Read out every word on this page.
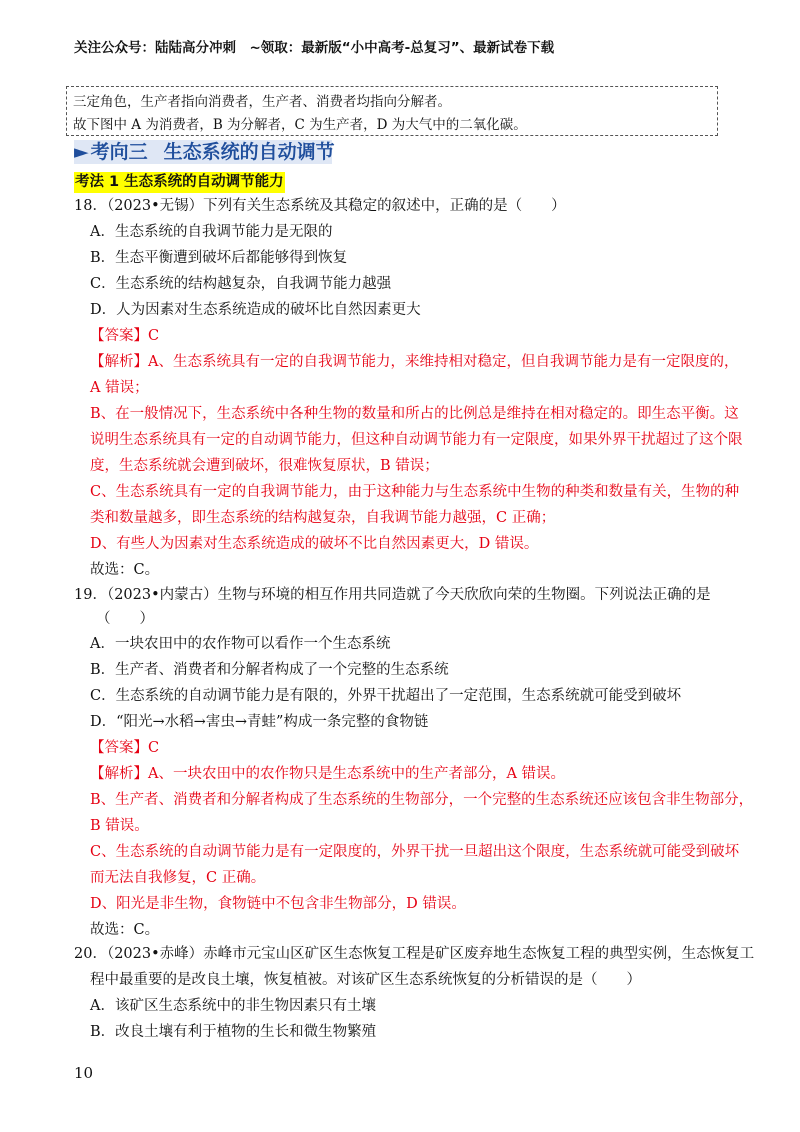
关注公众号：陆陆高分冲刺　~领取：最新版“小中高考-总复习”、最新试卷下载
三定角色，生产者指向消费者，生产者、消费者均指向分解者。
故下图中 A 为消费者，B 为分解者，C 为生产者，D 为大气中的二氧化碳。
► 考向三 生态系统的自动调节
考法 1 生态系统的自动调节能力
18．（2023•无锡）下列有关生态系统及其稳定的叙述中，正确的是（　　）
A．生态系统的自我调节能力是无限的
B．生态平衡遭到破坏后都能够得到恢复
C．生态系统的结构越复杂，自我调节能力越强
D．人为因素对生态系统造成的破坏比自然因素更大
【答案】C
【解析】A、生态系统具有一定的自我调节能力，来维持相对稳定，但自我调节能力是有一定限度的，
A 错误；
B、在一般情况下，生态系统中各种生物的数量和所占的比例总是维持在相对稳定的。即生态平衡。这
说明生态系统具有一定的自动调节能力，但这种自动调节能力有一定限度，如果外界干扰超过了这个限
度，生态系统就会遭到破坏，很难恢复原状，B 错误；
C、生态系统具有一定的自我调节能力，由于这种能力与生态系统中生物的种类和数量有关，生物的种
类和数量越多，即生态系统的结构越复杂，自我调节能力越强，C 正确；
D、有些人为因素对生态系统造成的破坏不比自然因素更大，D 错误。
故选：C。
19．（2023•内蒙古）生物与环境的相互作用共同造就了今天欣欣向荣的生物圈。下列说法正确的是
（　　）
A．一块农田中的农作物可以看作一个生态系统
B．生产者、消费者和分解者构成了一个完整的生态系统
C．生态系统的自动调节能力是有限的，外界干扰超出了一定范围，生态系统就可能受到破坏
D．“阳光→水稻→害虫→青蛙”构成一条完整的食物链
【答案】C
【解析】A、一块农田中的农作物只是生态系统中的生产者部分，A 错误。
B、生产者、消费者和分解者构成了生态系统的生物部分，一个完整的生态系统还应该包含非生物部分，
B 错误。
C、生态系统的自动调节能力是有一定限度的，外界干扰一旦超出这个限度，生态系统就可能受到破坏
而无法自我修复，C 正确。
D、阳光是非生物，食物链中不包含非生物部分，D 错误。
故选：C。
20．（2023•赤峰）赤峰市元宝山区矿区生态恢复工程是矿区废弃地生态恢复工程的典型实例，生态恢复工
程中最重要的是改良土壤，恢复植被。对该矿区生态系统恢复的分析错误的是（　　）
A．该矿区生态系统中的非生物因素只有土壤
B．改良土壤有利于植物的生长和微生物繁殖
10
